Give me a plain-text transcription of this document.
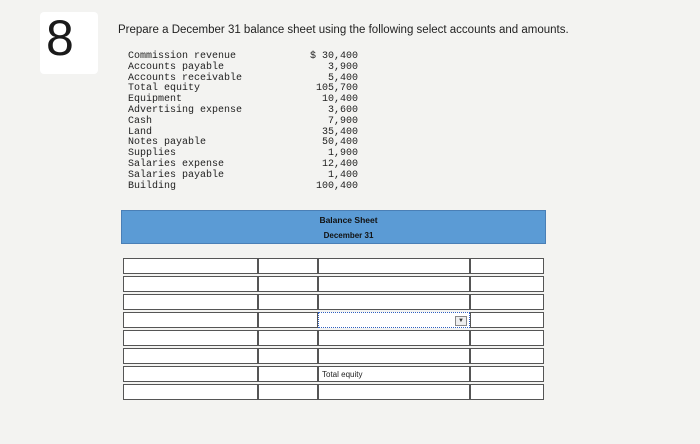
8	Prepare a December 31 balance sheet using the following select accounts and amounts.
Commission revenue	$ 30,400
Accounts payable	3,900
Accounts receivable	5,400
Total equity	105,700
Equipment	10,400
Advertising expense	3,600
Cash	7,900
Land	35,400
Notes payable	50,400
Supplies	1,900
Salaries expense	12,400
Salaries payable	1,400
Building	100,400
Balance Sheet
December 31
▼
Total equity
